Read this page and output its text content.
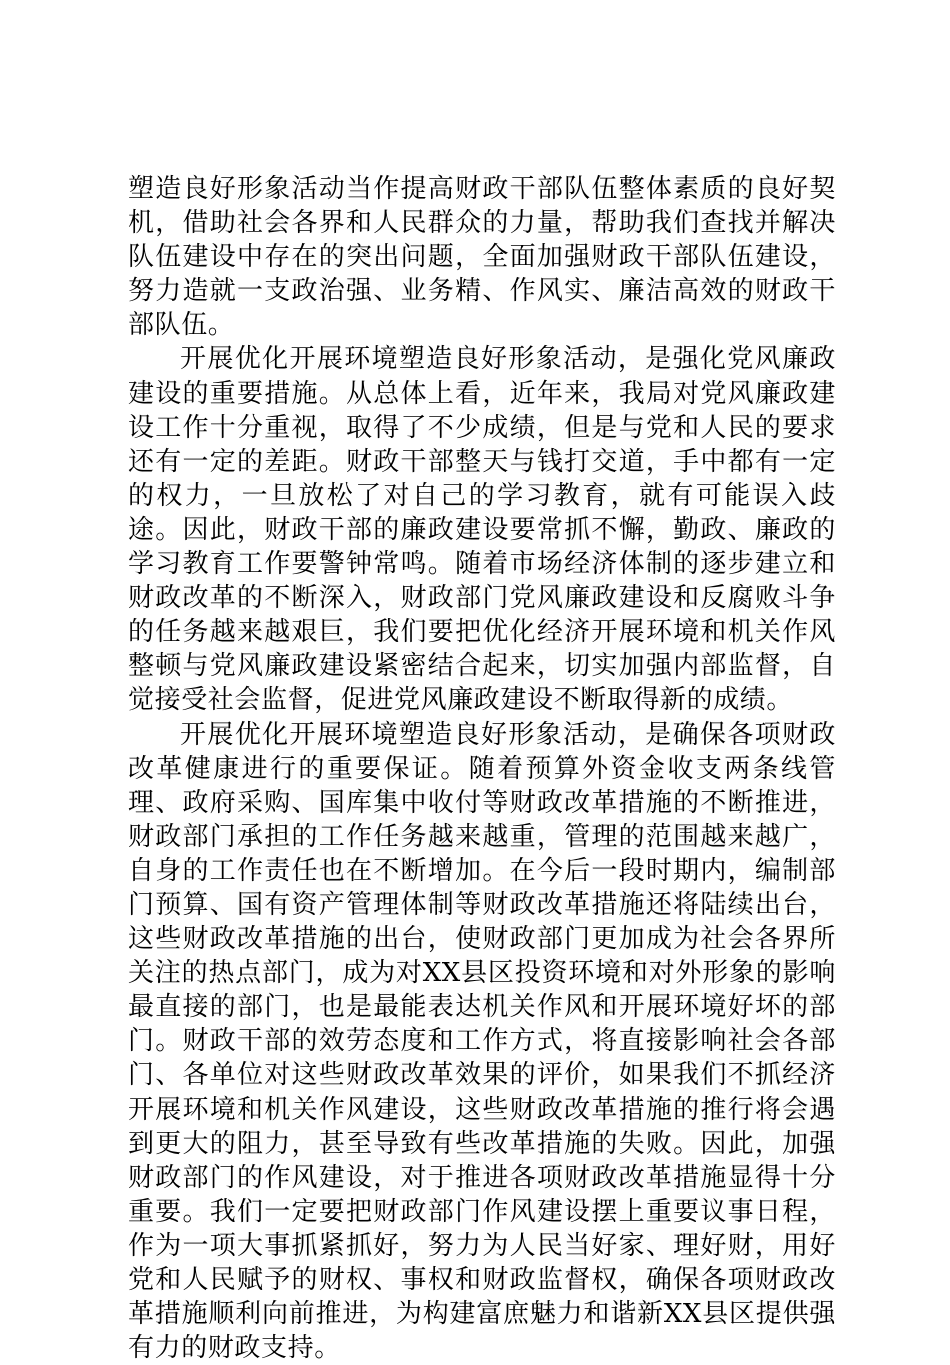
塑造良好形象活动当作提高财政干部队伍整体素质的良好契机，借助社会各界和人民群众的力量，帮助我们查找并解决队伍建设中存在的突出问题，全面加强财政干部队伍建设，努力造就一支政治强、业务精、作风实、廉洁高效的财政干部队伍。

开展优化开展环境塑造良好形象活动，是强化党风廉政建设的重要措施。从总体上看，近年来，我局对党风廉政建设工作十分重视，取得了不少成绩，但是与党和人民的要求还有一定的差距。财政干部整天与钱打交道，手中都有一定的权力，一旦放松了对自己的学习教育，就有可能误入歧途。因此，财政干部的廉政建设要常抓不懈，勤政、廉政的学习教育工作要警钟常鸣。随着市场经济体制的逐步建立和财政改革的不断深入，财政部门党风廉政建设和反腐败斗争的任务越来越艰巨，我们要把优化经济开展环境和机关作风整顿与党风廉政建设紧密结合起来，切实加强内部监督，自觉接受社会监督，促进党风廉政建设不断取得新的成绩。

开展优化开展环境塑造良好形象活动，是确保各项财政改革健康进行的重要保证。随着预算外资金收支两条线管理、政府采购、国库集中收付等财政改革措施的不断推进，财政部门承担的工作任务越来越重，管理的范围越来越广，自身的工作责任也在不断增加。在今后一段时期内，编制部门预算、国有资产管理体制等财政改革措施还将陆续出台，这些财政改革措施的出台，使财政部门更加成为社会各界所关注的热点部门，成为对XX县区投资环境和对外形象的影响最直接的部门，也是最能表达机关作风和开展环境好坏的部门。财政干部的效劳态度和工作方式，将直接影响社会各部门、各单位对这些财政改革效果的评价，如果我们不抓经济开展环境和机关作风建设，这些财政改革措施的推行将会遇到更大的阻力，甚至导致有些改革措施的失败。因此，加强财政部门的作风建设，对于推进各项财政改革措施显得十分重要。我们一定要把财政部门作风建设摆上重要议事日程，作为一项大事抓紧抓好，努力为人民当好家、理好财，用好党和人民赋予的财权、事权和财政监督权，确保各项财政改革措施顺利向前推进，为构建富庶魅力和谐新XX县区提供强有力的财政支持。
